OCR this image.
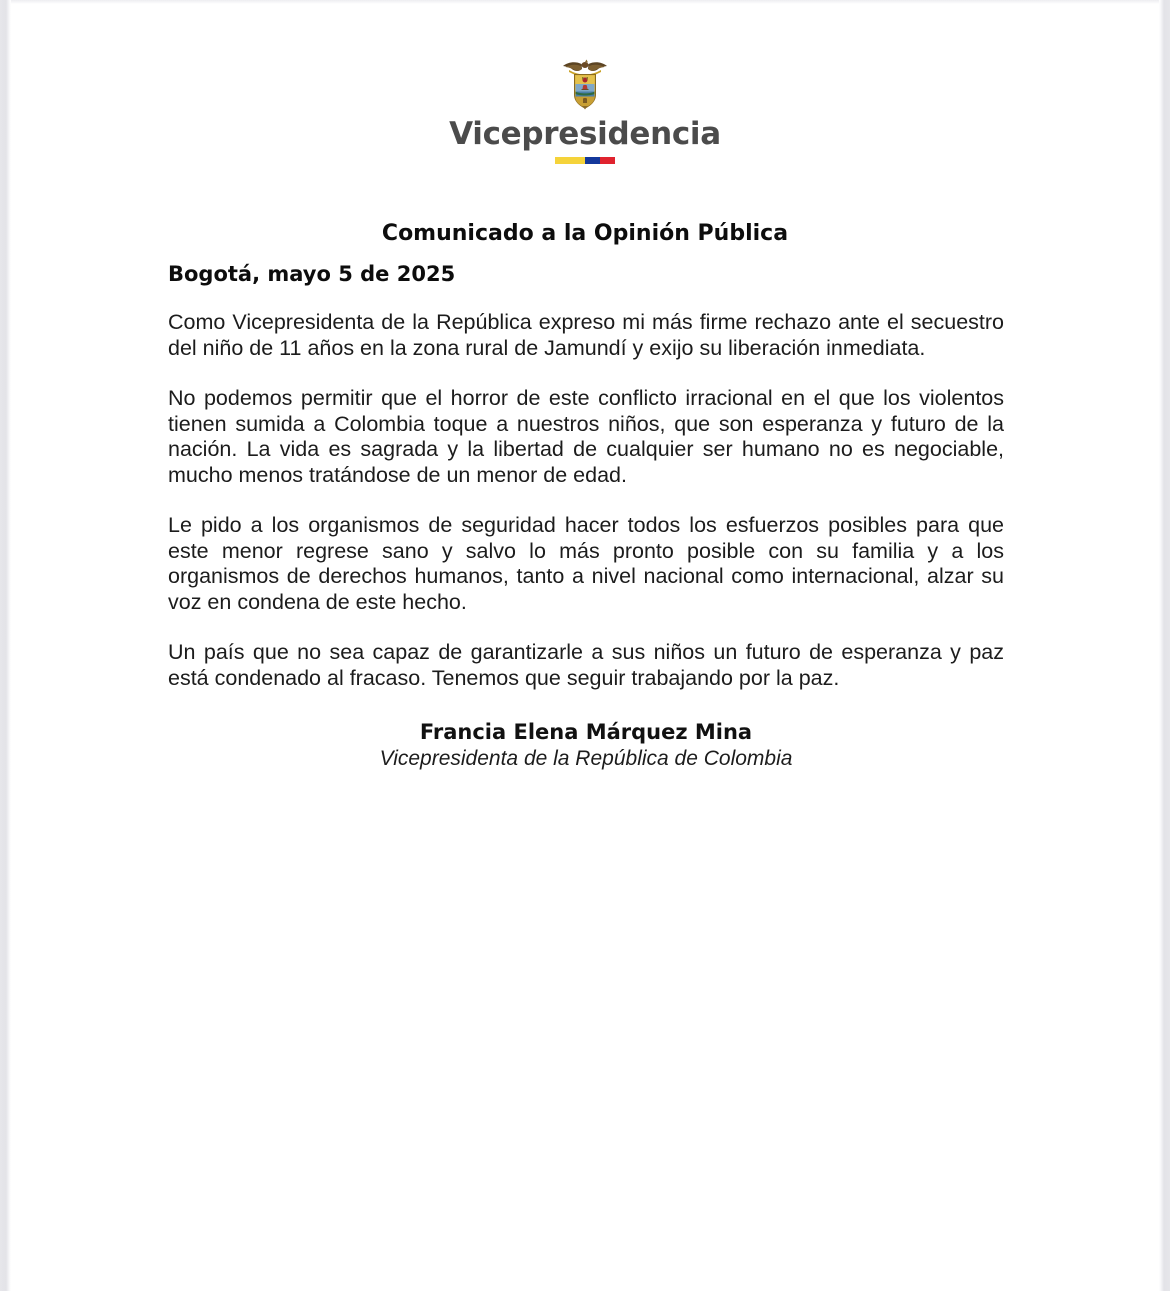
Vicepresidencia
Comunicado a la Opinión Pública
Bogotá, mayo 5 de 2025

Como Vicepresidenta de la República expreso mi más firme rechazo ante el secuestro del niño de 11 años en la zona rural de Jamundí y exijo su liberación inmediata.

No podemos permitir que el horror de este conflicto irracional en el que los violentos tienen sumida a Colombia toque a nuestros niños, que son esperanza y futuro de la nación. La vida es sagrada y la libertad de cualquier ser humano no es negociable, mucho menos tratándose de un menor de edad.

Le pido a los organismos de seguridad hacer todos los esfuerzos posibles para que este menor regrese sano y salvo lo más pronto posible con su familia y a los organismos de derechos humanos, tanto a nivel nacional como internacional, alzar su voz en condena de este hecho.

Un país que no sea capaz de garantizarle a sus niños un futuro de esperanza y paz está condenado al fracaso. Tenemos que seguir trabajando por la paz.

Francia Elena Márquez Mina
Vicepresidenta de la República de Colombia
